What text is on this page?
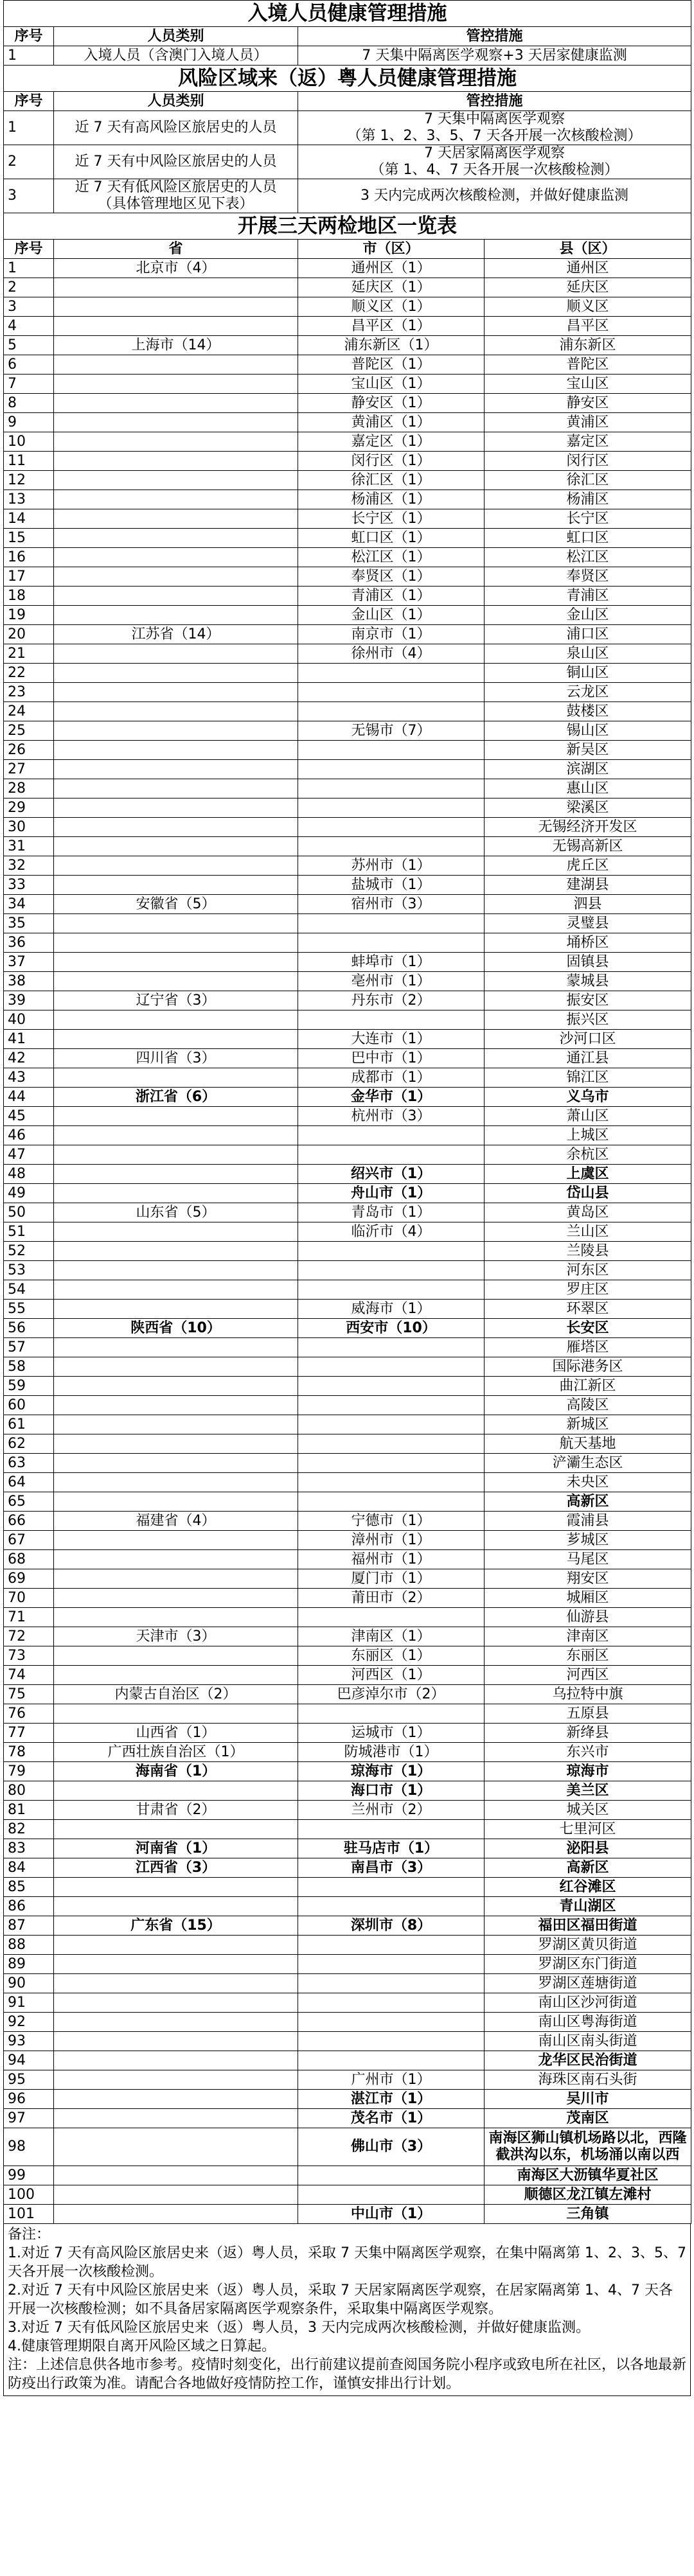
入境人员健康管理措施		
序号	人员类别	管控措施
1	入境人员（含澳门入境人员）	7 天集中隔离医学观察+3 天居家健康监测
风险区域来（返）粤人员健康管理措施		
序号	人员类别	管控措施
1	近 7 天有高风险区旅居史的人员	7 天集中隔离医学观察
（第 1、2、3、5、7 天各开展一次核酸检测）

2	近 7 天有中风险区旅居史的人员	7 天居家隔离医学观察
（第 1、4、7 天各开展一次核酸检测）

3	近 7 天有低风险区旅居史的人员
（具体管理地区见下表）	3 天内完成两次核酸检测，并做好健康监测
开展三天两检地区一览表			
序号	省	市（区）	县（区）
1	北京市（4）	通州区（1）	通州区
2		延庆区（1）	延庆区
3		顺义区（1）	顺义区
4		昌平区（1）	昌平区
5	上海市（14）	浦东新区（1）	浦东新区
6		普陀区（1）	普陀区
7		宝山区（1）	宝山区
8		静安区（1）	静安区
9		黄浦区（1）	黄浦区
10		嘉定区（1）	嘉定区
11		闵行区（1）	闵行区
12		徐汇区（1）	徐汇区
13		杨浦区（1）	杨浦区
14		长宁区（1）	长宁区
15		虹口区（1）	虹口区
16		松江区（1）	松江区
17		奉贤区（1）	奉贤区
18		青浦区（1）	青浦区
19		金山区（1）	金山区
20	江苏省（14）	南京市（1）	浦口区
21		徐州市（4）	泉山区
22			铜山区
23			云龙区
24			鼓楼区
25		无锡市（7）	锡山区
26			新吴区
27			滨湖区
28			惠山区
29			梁溪区
30			无锡经济开发区
31			无锡高新区
32		苏州市（1）	虎丘区
33		盐城市（1）	建湖县
34	安徽省（5）	宿州市（3）	泗县
35			灵璧县
36			埇桥区
37		蚌埠市（1）	固镇县
38		亳州市（1）	蒙城县
39	辽宁省（3）	丹东市（2）	振安区
40			振兴区
41		大连市（1）	沙河口区
42	四川省（3）	巴中市（1）	通江县
43		成都市（1）	锦江区
44	浙江省（6）	金华市（1）	义乌市
45		杭州市（3）	萧山区
46			上城区
47			余杭区
48		绍兴市（1）	上虞区
49		舟山市（1）	岱山县
50	山东省（5）	青岛市（1）	黄岛区
51		临沂市（4）	兰山区
52			兰陵县
53			河东区
54			罗庄区
55		威海市（1）	环翠区
56	陕西省（10）	西安市（10）	长安区
57			雁塔区
58			国际港务区
59			曲江新区
60			高陵区
61			新城区
62			航天基地
63			浐灞生态区
64			未央区
65			高新区
66	福建省（4）	宁德市（1）	霞浦县
67		漳州市（1）	芗城区
68		福州市（1）	马尾区
69		厦门市（1）	翔安区
70		莆田市（2）	城厢区
71			仙游县
72	天津市（3）	津南区（1）	津南区
73		东丽区（1）	东丽区
74		河西区（1）	河西区
75	内蒙古自治区（2）	巴彦淖尔市（2）	乌拉特中旗
76			五原县
77	山西省（1）	运城市（1）	新绛县
78	广西壮族自治区（1）	防城港市（1）	东兴市
79	海南省（1）	琼海市（1）	琼海市
80		海口市（1）	美兰区
81	甘肃省（2）	兰州市（2）	城关区
82			七里河区
83	河南省（1）	驻马店市（1）	泌阳县
84	江西省（3）	南昌市（3）	高新区
85			红谷滩区
86			青山湖区
87	广东省（15）	深圳市（8）	福田区福田街道
88			罗湖区黄贝街道
89			罗湖区东门街道
90			罗湖区莲塘街道
91			南山区沙河街道
92			南山区粤海街道
93			南山区南头街道
94			龙华区民治街道
95		广州市（1）	海珠区南石头街
96		湛江市（1）	吴川市
97		茂名市（1）	茂南区
98		佛山市（3）	南海区狮山镇机场路以北，西隆截洪沟以东，机场涌以南以西
99			南海区大沥镇华夏社区
100			顺德区龙江镇左滩村
101		中山市（1）	三角镇
备注：
1.对近 7 天有高风险区旅居史来（返）粤人员，采取 7 天集中隔离医学观察，在集中隔离第 1、2、3、5、7 天各开展一次核酸检测。
2.对近 7 天有中风险区旅居史来（返）粤人员，采取 7 天居家隔离医学观察，在居家隔离第 1、4、7 天各开展一次核酸检测；如不具备居家隔离医学观察条件，采取集中隔离医学观察。
3.对近 7 天有低风险区旅居史来（返）粤人员，3 天内完成两次核酸检测，并做好健康监测。
4.健康管理期限自离开风险区域之日算起。
注：上述信息供各地市参考。疫情时刻变化，出行前建议提前查阅国务院小程序或致电所在社区，以各地最新防疫出行政策为准。请配合各地做好疫情防控工作，谨慎安排出行计划。
